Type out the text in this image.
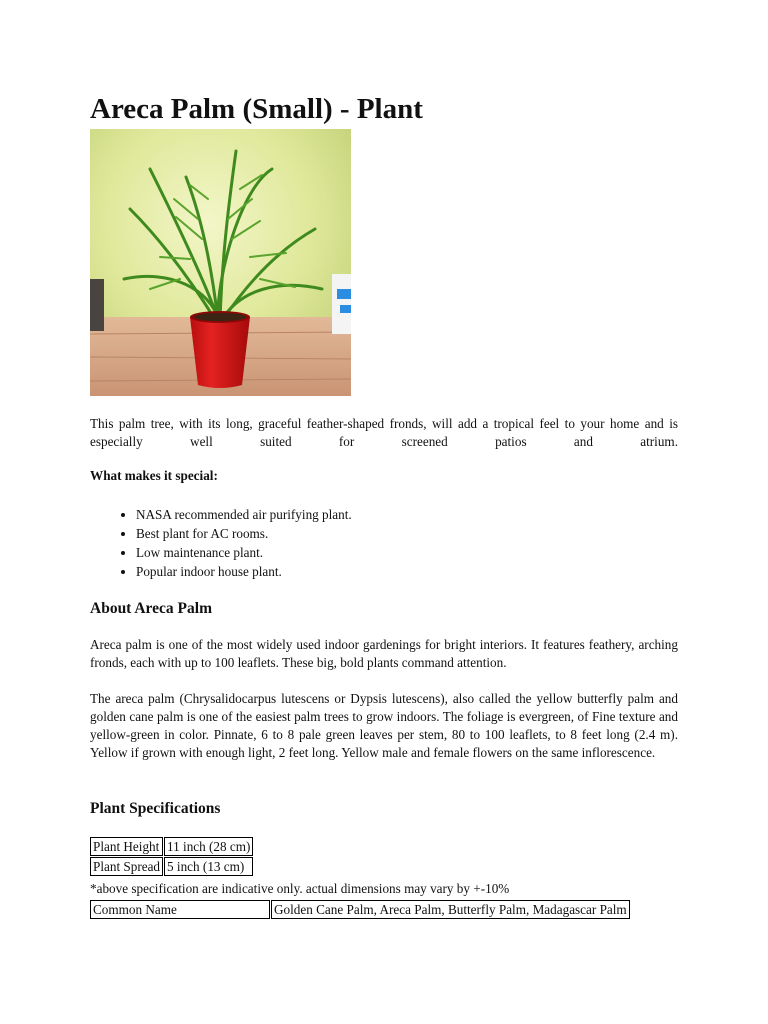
Areca Palm (Small) - Plant

This palm tree, with its long, graceful feather-shaped fronds, will add a tropical feel to your home and is especially well suited for screened patios and atrium.

What makes it special:

• NASA recommended air purifying plant.
• Best plant for AC rooms.
• Low maintenance plant.
• Popular indoor house plant.
About Areca Palm

Areca palm is one of the most widely used indoor gardenings for bright interiors. It features feathery, arching fronds, each with up to 100 leaflets. These big, bold plants command attention.

The areca palm (Chrysalidocarpus lutescens or Dypsis lutescens), also called the yellow butterfly palm and golden cane palm is one of the easiest palm trees to grow indoors. The foliage is evergreen, of Fine texture and yellow-green in color. Pinnate, 6 to 8 pale green leaves per stem, 80 to 100 leaflets, to 8 feet long (2.4 m). Yellow if grown with enough light, 2 feet long. Yellow male and female flowers on the same inflorescence.

Plant Specifications
Plant Height	11 inch (28 cm)
Plant Spread	5 inch (13 cm)

*above specification are indicative only. actual dimensions may vary by +-10%

Common Name	Golden Cane Palm, Areca Palm, Butterfly Palm, Madagascar Palm
